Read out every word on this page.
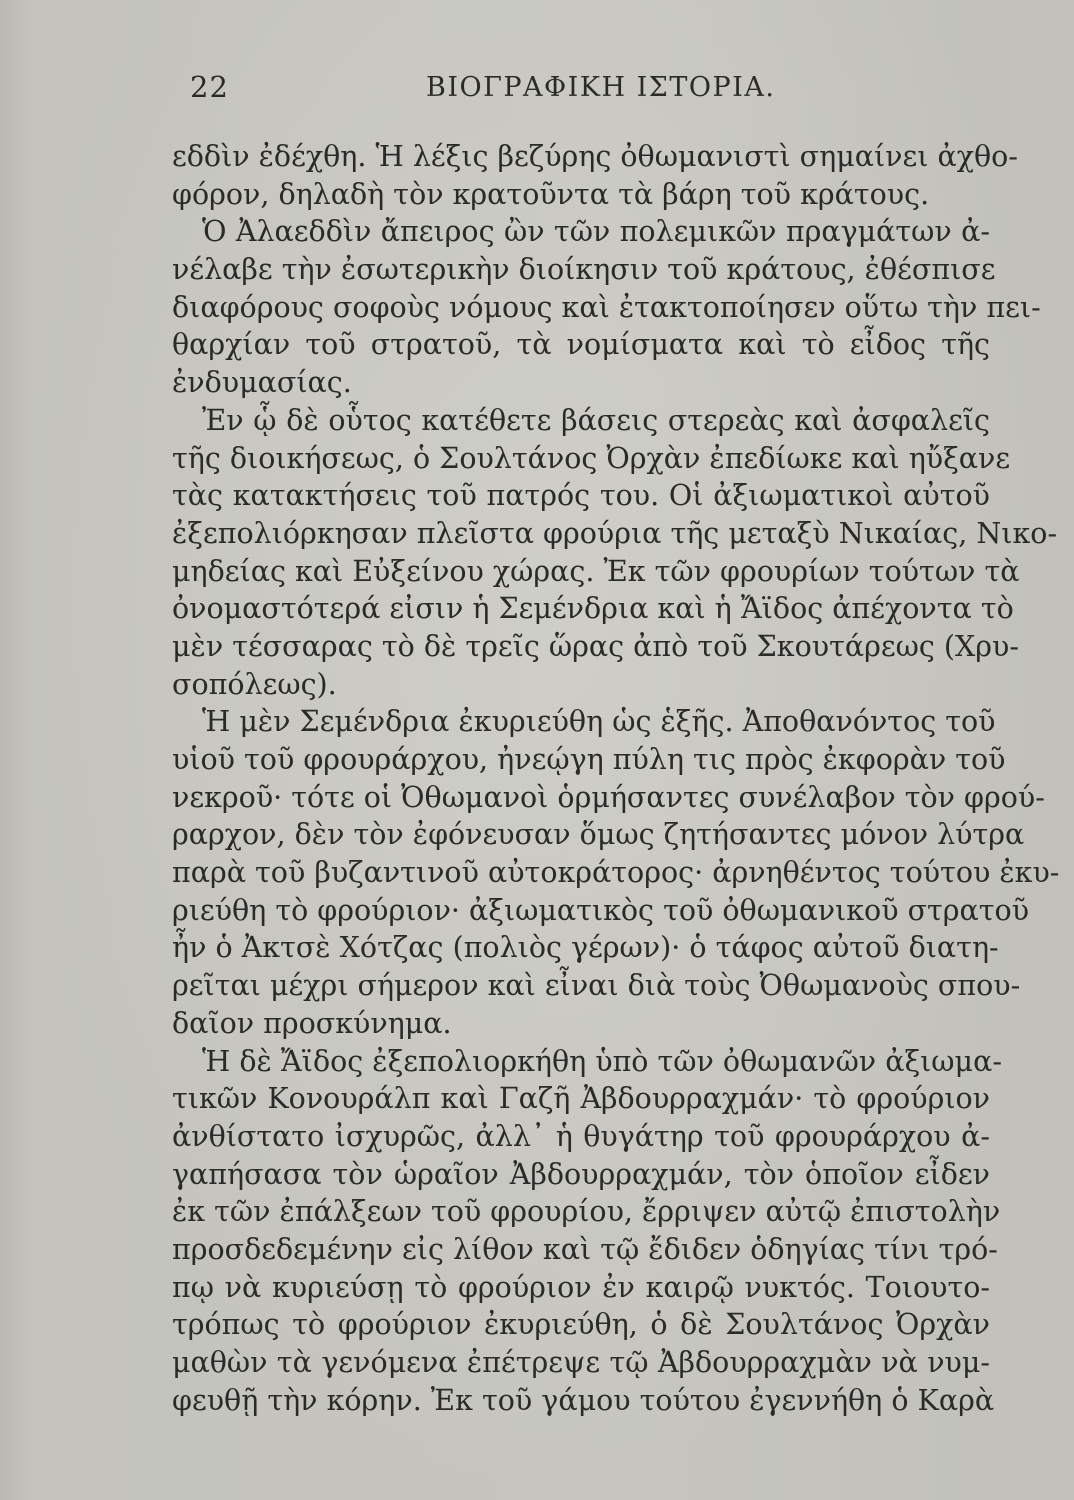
22	ΒΙΟΓΡΑΦΙΚΗ ΙΣΤΟΡΙΑ.
εδδὶν ἐδέχθη. Ἡ λέξις βεζύρης ὀθωμανιστὶ σημαίνει ἀχθο-
φόρον, δηλαδὴ τὸν κρατοῦντα τὰ βάρη τοῦ κράτους.
Ὁ Ἀλαεδδὶν ἄπειρος ὢν τῶν πολεμικῶν πραγμάτων ἀ-
νέλαβε τὴν ἐσωτερικὴν διοίκησιν τοῦ κράτους, ἐθέσπισε
διαφόρους σοφοὺς νόμους καὶ ἐτακτοποίησεν οὕτω τὴν πει-
θαρχίαν τοῦ στρατοῦ, τὰ νομίσματα καὶ τὸ εἶδος τῆς
ἐνδυμασίας.
Ἐν ᾧ δὲ οὗτος κατέθετε βάσεις στερεὰς καὶ ἀσφαλεῖς
τῆς διοικήσεως, ὁ Σουλτάνος Ὀρχὰν ἐπεδίωκε καὶ ηὔξανε
τὰς κατακτήσεις τοῦ πατρός του. Οἱ ἀξιωματικοὶ αὐτοῦ
ἐξεπολιόρκησαν πλεῖστα φρούρια τῆς μεταξὺ Νικαίας, Νικο-
μηδείας καὶ Εὐξείνου χώρας. Ἐκ τῶν φρουρίων τούτων τὰ
ὀνομαστότερά εἰσιν ἡ Σεμένδρια καὶ ἡ Ἄϊδος ἀπέχοντα τὸ
μὲν τέσσαρας τὸ δὲ τρεῖς ὥρας ἀπὸ τοῦ Σκουτάρεως (Χρυ-
σοπόλεως).
Ἡ μὲν Σεμένδρια ἐκυριεύθη ὡς ἑξῆς. Ἀποθανόντος τοῦ
υἱοῦ τοῦ φρουράρχου, ἠνεῴγη πύλη τις πρὸς ἐκφορὰν τοῦ
νεκροῦ· τότε οἱ Ὀθωμανοὶ ὁρμήσαντες συνέλαβον τὸν φρού-
ραρχον, δὲν τὸν ἐφόνευσαν ὅμως ζητήσαντες μόνον λύτρα
παρὰ τοῦ βυζαντινοῦ αὐτοκράτορος· ἀρνηθέντος τούτου ἐκυ-
ριεύθη τὸ φρούριον· ἀξιωματικὸς τοῦ ὀθωμανικοῦ στρατοῦ
ἦν ὁ Ἀκτσὲ Χότζας (πολιὸς γέρων)· ὁ τάφος αὐτοῦ διατη-
ρεῖται μέχρι σήμερον καὶ εἶναι διὰ τοὺς Ὀθωμανοὺς σπου-
δαῖον προσκύνημα.
Ἡ δὲ Ἄϊδος ἐξεπολιορκήθη ὑπὸ τῶν ὀθωμανῶν ἀξιωμα-
τικῶν Κονουράλπ καὶ Γαζῆ Ἀβδουρραχμάν· τὸ φρούριον
ἀνθίστατο ἰσχυρῶς, ἀλλ᾽ ἡ θυγάτηρ τοῦ φρουράρχου ἀ-
γαπήσασα τὸν ὡραῖον Ἀβδουρραχμάν, τὸν ὁποῖον εἶδεν
ἐκ τῶν ἐπάλξεων τοῦ φρουρίου, ἔρριψεν αὐτῷ ἐπιστολὴν
προσδεδεμένην εἰς λίθον καὶ τῷ ἔδιδεν ὁδηγίας τίνι τρό-
πῳ νὰ κυριεύσῃ τὸ φρούριον ἐν καιρῷ νυκτός. Τοιουτο-
τρόπως τὸ φρούριον ἐκυριεύθη, ὁ δὲ Σουλτάνος Ὀρχὰν
μαθὼν τὰ γενόμενα ἐπέτρεψε τῷ Ἀβδουρραχμὰν νὰ νυμ-
φευθῇ τὴν κόρην. Ἐκ τοῦ γάμου τούτου ἐγεννήθη ὁ Καρὰ
